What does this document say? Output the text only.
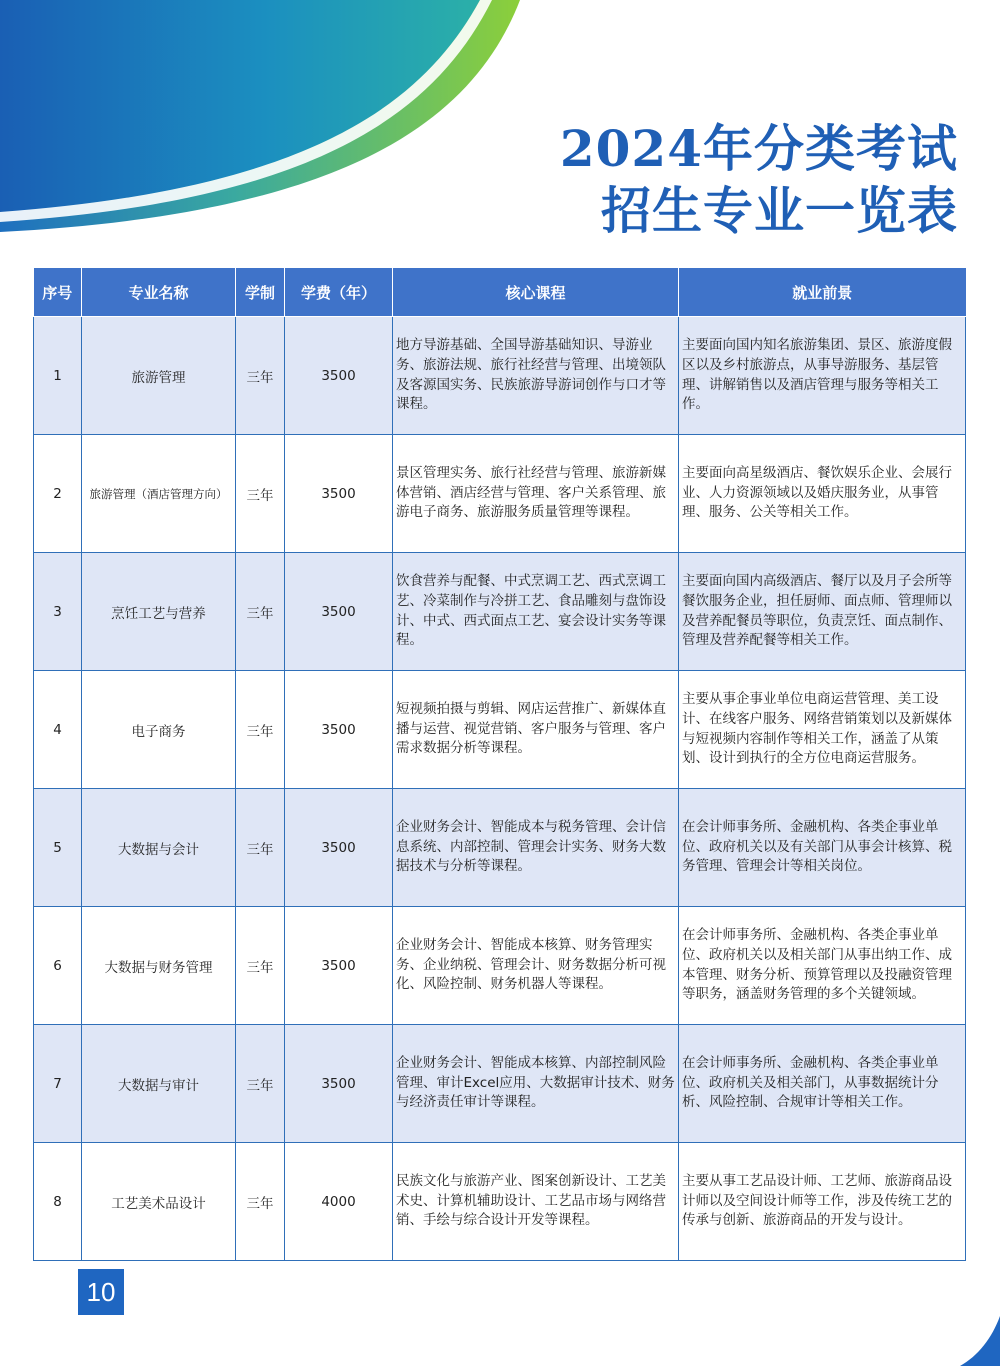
2024年分类考试
招生专业一览表
序号	专业名称	学制	学费（年）	核心课程	就业前景
1	旅游管理	三年	3500	地方导游基础、全国导游基础知识、导游业务、旅游法规、旅行社经营与管理、出境领队及客源国实务、民族旅游导游词创作与口才等课程。	主要面向国内知名旅游集团、景区、旅游度假区以及乡村旅游点，从事导游服务、基层管理、讲解销售以及酒店管理与服务等相关工作。
2	旅游管理（酒店管理方向）	三年	3500	景区管理实务、旅行社经营与管理、旅游新媒体营销、酒店经营与管理、客户关系管理、旅游电子商务、旅游服务质量管理等课程。	主要面向高星级酒店、餐饮娱乐企业、会展行业、人力资源领域以及婚庆服务业，从事管理、服务、公关等相关工作。
3	烹饪工艺与营养	三年	3500	饮食营养与配餐、中式烹调工艺、西式烹调工艺、冷菜制作与冷拼工艺、食品雕刻与盘饰设计、中式、西式面点工艺、宴会设计实务等课程。	主要面向国内高级酒店、餐厅以及月子会所等餐饮服务企业，担任厨师、面点师、管理师以及营养配餐员等职位，负责烹饪、面点制作、管理及营养配餐等相关工作。
4	电子商务	三年	3500	短视频拍摄与剪辑、网店运营推广、新媒体直播与运营、视觉营销、客户服务与管理、客户需求数据分析等课程。	主要从事企事业单位电商运营管理、美工设计、在线客户服务、网络营销策划以及新媒体与短视频内容制作等相关工作，涵盖了从策划、设计到执行的全方位电商运营服务。
5	大数据与会计	三年	3500	企业财务会计、智能成本与税务管理、会计信息系统、内部控制、管理会计实务、财务大数据技术与分析等课程。	在会计师事务所、金融机构、各类企事业单位、政府机关以及有关部门从事会计核算、税务管理、管理会计等相关岗位。
6	大数据与财务管理	三年	3500	企业财务会计、智能成本核算、财务管理实务、企业纳税、管理会计、财务数据分析可视化、风险控制、财务机器人等课程。	在会计师事务所、金融机构、各类企事业单位、政府机关以及相关部门从事出纳工作、成本管理、财务分析、预算管理以及投融资管理等职务，涵盖财务管理的多个关键领域。
7	大数据与审计	三年	3500	企业财务会计、智能成本核算、内部控制风险管理、审计Excel应用、大数据审计技术、财务与经济责任审计等课程。	在会计师事务所、金融机构、各类企事业单位、政府机关及相关部门，从事数据统计分析、风险控制、合规审计等相关工作。
8	工艺美术品设计	三年	4000	民族文化与旅游产业、图案创新设计、工艺美术史、计算机辅助设计、工艺品市场与网络营销、手绘与综合设计开发等课程。	主要从事工艺品设计师、工艺师、旅游商品设计师以及空间设计师等工作，涉及传统工艺的传承与创新、旅游商品的开发与设计。
10
